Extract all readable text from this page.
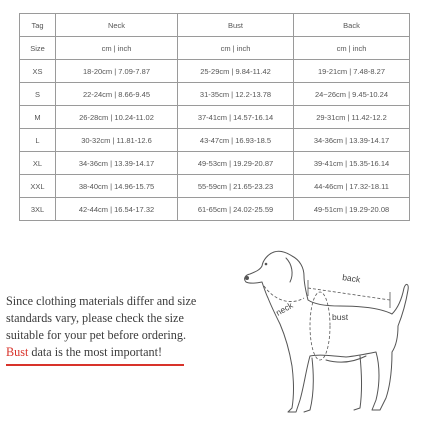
Tag	Neck	Bust	Back
Size	cm | inch	cm | inch	cm | inch
XS	18-20cm | 7.09-7.87	25-29cm | 9.84-11.42	19-21cm | 7.48-8.27
S	22-24cm | 8.66-9.45	31-35cm | 12.2-13.78	24~26cm | 9.45-10.24
M	26-28cm | 10.24-11.02	37-41cm | 14.57-16.14	29-31cm | 11.42-12.2
L	30-32cm | 11.81-12.6	43-47cm | 16.93-18.5	34-36cm | 13.39-14.17
XL	34-36cm | 13.39-14.17	49-53cm | 19.29-20.87	39-41cm | 15.35-16.14
XXL	38-40cm | 14.96-15.75	55-59cm | 21.65-23.23	44-46cm | 17.32-18.11
3XL	42-44cm | 16.54-17.32	61-65cm | 24.02-25.59	49-51cm | 19.29-20.08
Since clothing materials differ and size
standards vary, please check the size
suitable for your pet before ordering.
Bust data is the most important!
back
neck	bust
